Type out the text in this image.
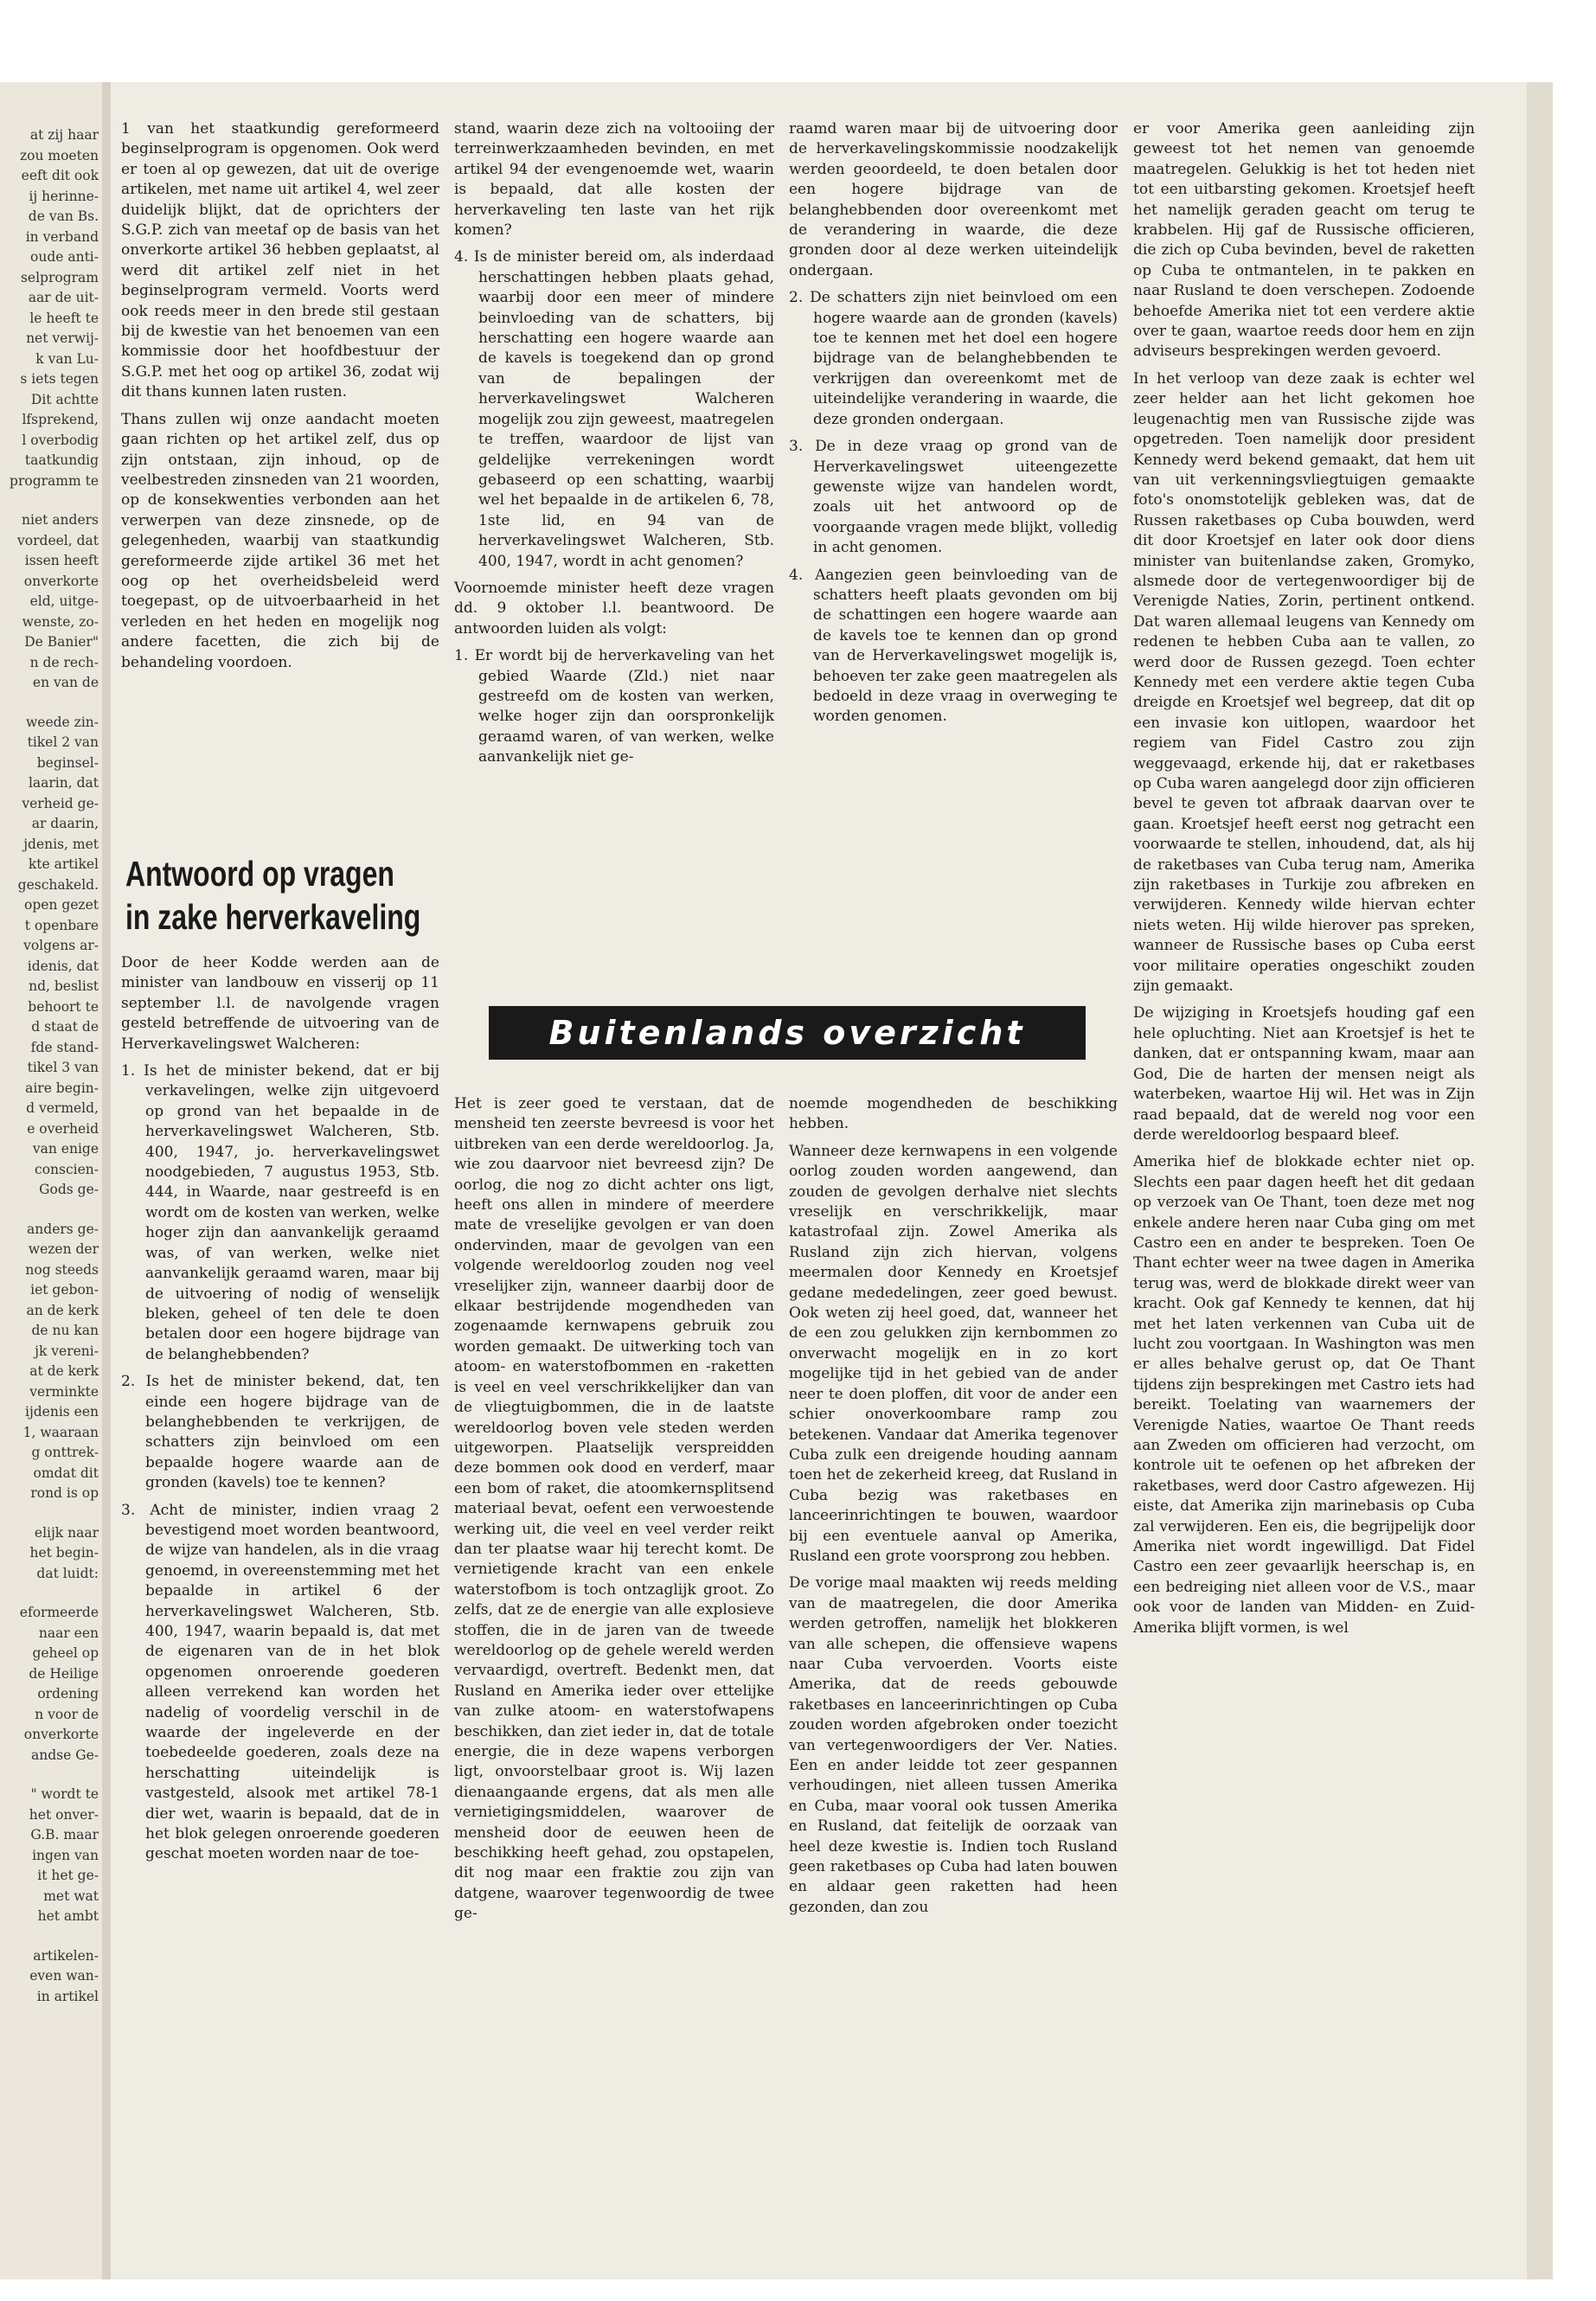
at zij haar

zou moeten

eeft dit ook

ij herinne-

de van Bs.

in verband

oude anti-

selprogram

aar de uit-

le heeft te

net verwij-

k van Lu-

s iets tegen

Dit achtte

lfsprekend,

l overbodig

taatkundig

programm te

niet anders

vordeel, dat

issen heeft

onverkorte

eld, uitge-

wenste, zo-

De Banier"

n de rech-

en van de

weede zin-

tikel 2 van

beginsel-

laarin, dat

verheid ge-

ar daarin,

jdenis, met

kte artikel

geschakeld.

open gezet

t openbare

volgens ar-

idenis, dat

nd, beslist

behoort te

d staat de

fde stand-

tikel 3 van

aire begin-

d vermeld,

e overheid

van enige

conscien-

Gods ge-

anders ge-

wezen der

nog steeds

iet gebon-

an de kerk

de nu kan

jk vereni-

at de kerk

verminkte

ijdenis een

1, waaraan

g onttrek-

omdat dit

rond is op

elijk naar

het begin-

dat luidt:

eformeerde

naar een

geheel op

de Heilige

ordening

n voor de

onverkorte

andse Ge-

" wordt te

het onver-

G.B. maar

ingen van

it het ge-

met wat

het ambt

artikelen-

even wan-

in artikel

1 van het staatkundig gereformeerd beginselprogram is opgenomen. Ook werd er toen al op gewezen, dat uit de overige artikelen, met name uit artikel 4, wel zeer duidelijk blijkt, dat de oprichters der S.G.P. zich van meetaf op de basis van het onverkorte artikel 36 hebben geplaatst, al werd dit artikel zelf niet in het beginselprogram vermeld. Voorts werd ook reeds meer in den brede stil gestaan bij de kwestie van het benoemen van een kommissie door het hoofdbestuur der S.G.P. met het oog op artikel 36, zodat wij dit thans kunnen laten rusten.

Thans zullen wij onze aandacht moeten gaan richten op het artikel zelf, dus op zijn ontstaan, zijn inhoud, op de veelbestreden zinsneden van 21 woorden, op de konsekwenties verbonden aan het verwerpen van deze zinsnede, op de gelegenheden, waarbij van staatkundig gereformeerde zijde artikel 36 met het oog op het overheidsbeleid werd toegepast, op de uitvoerbaarheid in het verleden en het heden en mogelijk nog andere facetten, die zich bij de behandeling voordoen.

Antwoord op vragen
in zake herverkaveling

Door de heer Kodde werden aan de minister van landbouw en visserij op 11 september l.l. de navolgende vragen gesteld betreffende de uitvoering van de Herverkavelingswet Walcheren:

1. Is het de minister bekend, dat er bij verkavelingen, welke zijn uitgevoerd op grond van het bepaalde in de herverkavelingswet Walcheren, Stb. 400, 1947, jo. herverkavelingswet noodgebieden, 7 augustus 1953, Stb. 444, in Waarde, naar gestreefd is en wordt om de kosten van werken, welke hoger zijn dan aanvankelijk geraamd was, of van werken, welke niet aanvankelijk geraamd waren, maar bij de uitvoering of nodig of wenselijk bleken, geheel of ten dele te doen betalen door een hogere bijdrage van de belanghebbenden?

2. Is het de minister bekend, dat, ten einde een hogere bijdrage van de belanghebbenden te verkrijgen, de schatters zijn beinvloed om een bepaalde hogere waarde aan de gronden (kavels) toe te kennen?

3. Acht de minister, indien vraag 2 bevestigend moet worden beantwoord, de wijze van handelen, als in die vraag genoemd, in overeenstemming met het bepaalde in artikel 6 der herverkavelingswet Walcheren, Stb. 400, 1947, waarin bepaald is, dat met de eigenaren van de in het blok opgenomen onroerende goederen alleen verrekend kan worden het nadelig of voordelig verschil in de waarde der ingeleverde en der toebedeelde goederen, zoals deze na herschatting uiteindelijk is vastgesteld, alsook met artikel 78-1 dier wet, waarin is bepaald, dat de in het blok gelegen onroerende goederen geschat moeten worden naar de toe-

stand, waarin deze zich na voltooiing der terreinwerkzaamheden bevinden, en met artikel 94 der evengenoemde wet, waarin is bepaald, dat alle kosten der herverkaveling ten laste van het rijk komen?

4. Is de minister bereid om, als inderdaad herschattingen hebben plaats gehad, waarbij door een meer of mindere beinvloeding van de schatters, bij herschatting een hogere waarde aan de kavels is toegekend dan op grond van de bepalingen der herverkavelingswet Walcheren mogelijk zou zijn geweest, maatregelen te treffen, waardoor de lijst van geldelijke verrekeningen wordt gebaseerd op een schatting, waarbij wel het bepaalde in de artikelen 6, 78, 1ste lid, en 94 van de herverkavelingswet Walcheren, Stb. 400, 1947, wordt in acht genomen?

Voornoemde minister heeft deze vragen dd. 9 oktober l.l. beantwoord. De antwoorden luiden als volgt:

1. Er wordt bij de herverkaveling van het gebied Waarde (Zld.) niet naar gestreefd om de kosten van werken, welke hoger zijn dan oorspronkelijk geraamd waren, of van werken, welke aanvankelijk niet ge-

raamd waren maar bij de uitvoering door de herverkavelingskommissie noodzakelijk werden geoordeeld, te doen betalen door een hogere bijdrage van de belanghebbenden door overeenkomt met de verandering in waarde, die deze gronden door al deze werken uiteindelijk ondergaan.

2. De schatters zijn niet beinvloed om een hogere waarde aan de gronden (kavels) toe te kennen met het doel een hogere bijdrage van de belanghebbenden te verkrijgen dan overeenkomt met de uiteindelijke verandering in waarde, die deze gronden ondergaan.

3. De in deze vraag op grond van de Herverkavelingswet uiteengezette gewenste wijze van handelen wordt, zoals uit het antwoord op de voorgaande vragen mede blijkt, volledig in acht genomen.

4. Aangezien geen beinvloeding van de schatters heeft plaats gevonden om bij de schattingen een hogere waarde aan de kavels toe te kennen dan op grond van de Herverkavelingswet mogelijk is, behoeven ter zake geen maatregelen als bedoeld in deze vraag in overweging te worden genomen.

Buitenlands overzicht

Het is zeer goed te verstaan, dat de mensheid ten zeerste bevreesd is voor het uitbreken van een derde wereldoorlog. Ja, wie zou daarvoor niet bevreesd zijn? De oorlog, die nog zo dicht achter ons ligt, heeft ons allen in mindere of meerdere mate de vreselijke gevolgen er van doen ondervinden, maar de gevolgen van een volgende wereldoorlog zouden nog veel vreselijker zijn, wanneer daarbij door de elkaar bestrijdende mogendheden van zogenaamde kernwapens gebruik zou worden gemaakt. De uitwerking toch van atoom- en waterstofbommen en -raketten is veel en veel verschrikkelijker dan van de vliegtuigbommen, die in de laatste wereldoorlog boven vele steden werden uitgeworpen. Plaatselijk verspreidden deze bommen ook dood en verderf, maar een bom of raket, die atoomkernsplitsend materiaal bevat, oefent een verwoestende werking uit, die veel en veel verder reikt dan ter plaatse waar hij terecht komt. De vernietigende kracht van een enkele waterstofbom is toch ontzaglijk groot. Zo zelfs, dat ze de energie van alle explosieve stoffen, die in de jaren van de tweede wereldoorlog op de gehele wereld werden vervaardigd, overtreft. Bedenkt men, dat Rusland en Amerika ieder over ettelijke van zulke atoom- en waterstofwapens beschikken, dan ziet ieder in, dat de totale energie, die in deze wapens verborgen ligt, onvoorstelbaar groot is. Wij lazen dienaangaande ergens, dat als men alle vernietigingsmiddelen, waarover de mensheid door de eeuwen heen de beschikking heeft gehad, zou opstapelen, dit nog maar een fraktie zou zijn van datgene, waarover tegenwoordig de twee ge-

noemde mogendheden de beschikking hebben.

Wanneer deze kernwapens in een volgende oorlog zouden worden aangewend, dan zouden de gevolgen derhalve niet slechts vreselijk en verschrikkelijk, maar katastrofaal zijn. Zowel Amerika als Rusland zijn zich hiervan, volgens meermalen door Kennedy en Kroetsjef gedane mededelingen, zeer goed bewust. Ook weten zij heel goed, dat, wanneer het de een zou gelukken zijn kernbommen zo onverwacht mogelijk en in zo kort mogelijke tijd in het gebied van de ander neer te doen ploffen, dit voor de ander een schier onoverkoombare ramp zou betekenen. Vandaar dat Amerika tegenover Cuba zulk een dreigende houding aannam toen het de zekerheid kreeg, dat Rusland in Cuba bezig was raketbases en lanceerinrichtingen te bouwen, waardoor bij een eventuele aanval op Amerika, Rusland een grote voorsprong zou hebben.

De vorige maal maakten wij reeds melding van de maatregelen, die door Amerika werden getroffen, namelijk het blokkeren van alle schepen, die offensieve wapens naar Cuba vervoerden. Voorts eiste Amerika, dat de reeds gebouwde raketbases en lanceerinrichtingen op Cuba zouden worden afgebroken onder toezicht van vertegenwoordigers der Ver. Naties. Een en ander leidde tot zeer gespannen verhoudingen, niet alleen tussen Amerika en Cuba, maar vooral ook tussen Amerika en Rusland, dat feitelijk de oorzaak van heel deze kwestie is. Indien toch Rusland geen raketbases op Cuba had laten bouwen en aldaar geen raketten had heen gezonden, dan zou

er voor Amerika geen aanleiding zijn geweest tot het nemen van genoemde maatregelen. Gelukkig is het tot heden niet tot een uitbarsting gekomen. Kroetsjef heeft het namelijk geraden geacht om terug te krabbelen. Hij gaf de Russische officieren, die zich op Cuba bevinden, bevel de raketten op Cuba te ontmantelen, in te pakken en naar Rusland te doen verschepen. Zodoende behoefde Amerika niet tot een verdere aktie over te gaan, waartoe reeds door hem en zijn adviseurs besprekingen werden gevoerd.

In het verloop van deze zaak is echter wel zeer helder aan het licht gekomen hoe leugenachtig men van Russische zijde was opgetreden. Toen namelijk door president Kennedy werd bekend gemaakt, dat hem uit van uit verkenningsvliegtuigen gemaakte foto's onomstotelijk gebleken was, dat de Russen raketbases op Cuba bouwden, werd dit door Kroetsjef en later ook door diens minister van buitenlandse zaken, Gromyko, alsmede door de vertegenwoordiger bij de Verenigde Naties, Zorin, pertinent ontkend. Dat waren allemaal leugens van Kennedy om redenen te hebben Cuba aan te vallen, zo werd door de Russen gezegd. Toen echter Kennedy met een verdere aktie tegen Cuba dreigde en Kroetsjef wel begreep, dat dit op een invasie kon uitlopen, waardoor het regiem van Fidel Castro zou zijn weggevaagd, erkende hij, dat er raketbases op Cuba waren aangelegd door zijn officieren bevel te geven tot afbraak daarvan over te gaan. Kroetsjef heeft eerst nog getracht een voorwaarde te stellen, inhoudend, dat, als hij de raketbases van Cuba terug nam, Amerika zijn raketbases in Turkije zou afbreken en verwijderen. Kennedy wilde hiervan echter niets weten. Hij wilde hierover pas spreken, wanneer de Russische bases op Cuba eerst voor militaire operaties ongeschikt zouden zijn gemaakt.

De wijziging in Kroetsjefs houding gaf een hele opluchting. Niet aan Kroetsjef is het te danken, dat er ontspanning kwam, maar aan God, Die de harten der mensen neigt als waterbeken, waartoe Hij wil. Het was in Zijn raad bepaald, dat de wereld nog voor een derde wereldoorlog bespaard bleef.

Amerika hief de blokkade echter niet op. Slechts een paar dagen heeft het dit gedaan op verzoek van Oe Thant, toen deze met nog enkele andere heren naar Cuba ging om met Castro een en ander te bespreken. Toen Oe Thant echter weer na twee dagen in Amerika terug was, werd de blokkade direkt weer van kracht. Ook gaf Kennedy te kennen, dat hij met het laten verkennen van Cuba uit de lucht zou voortgaan. In Washington was men er alles behalve gerust op, dat Oe Thant tijdens zijn besprekingen met Castro iets had bereikt. Toelating van waarnemers der Verenigde Naties, waartoe Oe Thant reeds aan Zweden om officieren had verzocht, om kontrole uit te oefenen op het afbreken der raketbases, werd door Castro afgewezen. Hij eiste, dat Amerika zijn marinebasis op Cuba zal verwijderen. Een eis, die begrijpelijk door Amerika niet wordt ingewilligd. Dat Fidel Castro een zeer gevaarlijk heerschap is, en een bedreiging niet alleen voor de V.S., maar ook voor de landen van Midden- en Zuid-Amerika blijft vormen, is wel
